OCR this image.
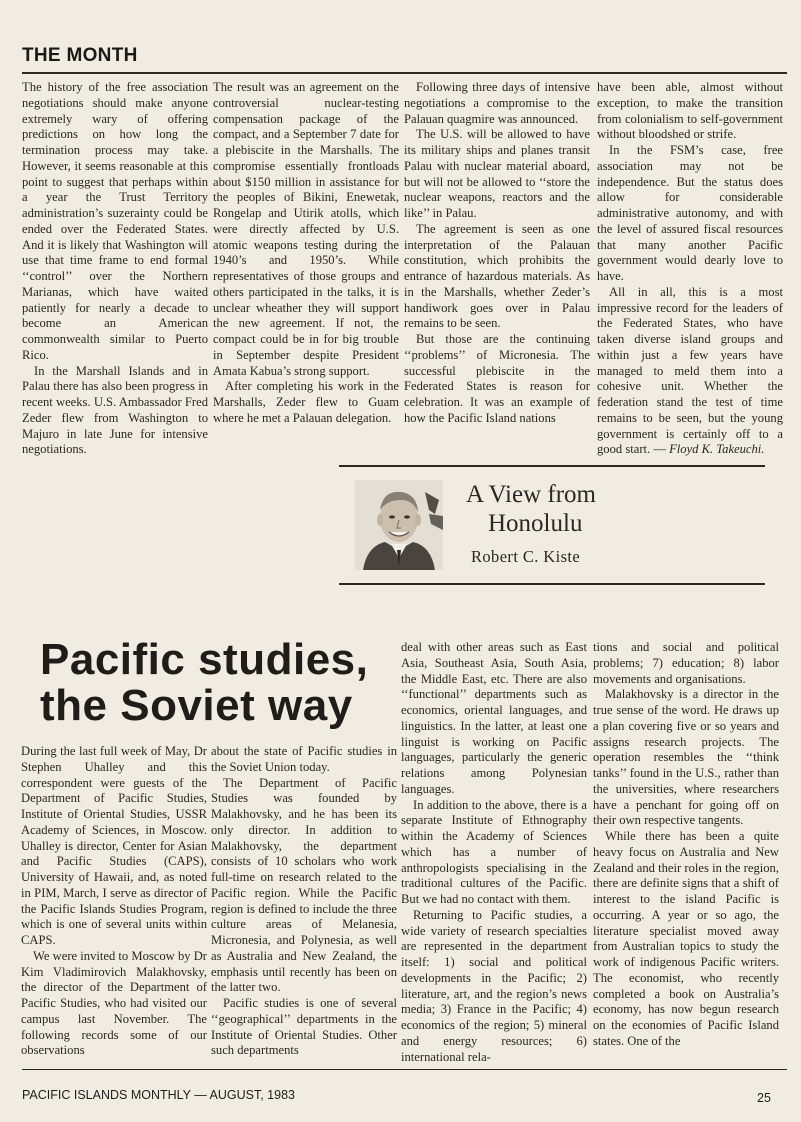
THE MONTH

The history of the free association negotiations should make anyone extremely wary of offering predictions on how long the termination process may take. However, it seems reasonable at this point to suggest that perhaps within a year the Trust Territory administration’s suzerainty could be ended over the Federated States. And it is likely that Washington will use that time frame to end formal ‘‘control’’ over the Northern Marianas, which have waited patiently for nearly a decade to become an American commonwealth similar to Puerto Rico.

In the Marshall Islands and in Palau there has also been progress in recent weeks. U.S. Ambassador Fred Zeder flew from Washington to Majuro in late June for intensive negotiations.

The result was an agreement on the controversial nuclear-testing compensation package of the compact, and a September 7 date for a plebiscite in the Marshalls. The compromise essentially frontloads about $150 million in assistance for the peoples of Bikini, Enewetak, Rongelap and Utirik atolls, which were directly affected by U.S. atomic weapons testing during the 1940’s and 1950’s. While representatives of those groups and others participated in the talks, it is unclear wheather they will support the new agreement. If not, the compact could be in for big trouble in September despite President Amata Kabua’s strong support.

After completing his work in the Marshalls, Zeder flew to Guam where he met a Palauan delegation.

Following three days of intensive negotiations a compromise to the Palauan quagmire was announced.

The U.S. will be allowed to have its military ships and planes transit Palau with nuclear material aboard, but will not be allowed to ‘‘store the nuclear weapons, reactors and the like’’ in Palau.

The agreement is seen as one interpretation of the Palauan constitution, which prohibits the entrance of hazardous materials. As in the Marshalls, whether Zeder’s handiwork goes over in Palau remains to be seen.

But those are the continuing ‘‘problems’’ of Micronesia. The successful plebiscite in the Federated States is reason for celebration. It was an example of how the Pacific Island nations

have been able, almost without exception, to make the transition from colonialism to self-government without bloodshed or strife.

In the FSM’s case, free association may not be independence. But the status does allow for considerable administrative autonomy, and with the level of assured fiscal resources that many another Pacific government would dearly love to have.

All in all, this is a most impressive record for the leaders of the Federated States, who have taken diverse island groups and within just a few years have managed to meld them into a cohesive unit. Whether the federation stand the test of time remains to be seen, but the young government is certainly off to a good start. — Floyd K. Takeuchi.

A View from
Honolulu
Robert C. Kiste
Pacific studies,
the Soviet way

During the last full week of May, Dr Stephen Uhalley and this correspondent were guests of the Department of Pacific Studies, Institute of Oriental Studies, USSR Academy of Sciences, in Moscow. Uhalley is director, Center for Asian and Pacific Studies (CAPS), University of Hawaii, and, as noted in PIM, March, I serve as director of the Pacific Islands Studies Program, which is one of several units within CAPS.

We were invited to Moscow by Dr Kim Vladimirovich Malakhovsky, the director of the Department of Pacific Studies, who had visited our campus last November. The following records some of our observations

about the state of Pacific studies in the Soviet Union today.

The Department of Pacific Studies was founded by Malakhovsky, and he has been its only director. In addition to Malakhovsky, the department consists of 10 scholars who work full-time on research related to the Pacific region. While the Pacific region is defined to include the three culture areas of Melanesia, Micronesia, and Polynesia, as well as Australia and New Zealand, the emphasis until recently has been on the latter two.

Pacific studies is one of several ‘‘geographical’’ departments in the Institute of Oriental Studies. Other such departments

deal with other areas such as East Asia, Southeast Asia, South Asia, the Middle East, etc. There are also ‘‘functional’’ departments such as economics, oriental languages, and linguistics. In the latter, at least one linguist is working on Pacific languages, particularly the generic relations among Polynesian languages.

In addition to the above, there is a separate Institute of Ethnography within the Academy of Sciences which has a number of anthropologists specialising in the traditional cultures of the Pacific. But we had no contact with them.

Returning to Pacific studies, a wide variety of research specialties are represented in the department itself: 1) social and political developments in the Pacific; 2) literature, art, and the region’s news media; 3) France in the Pacific; 4) economics of the region; 5) mineral and energy resources; 6) international rela-

tions and social and political problems; 7) education; 8) labor movements and organisations.

Malakhovsky is a director in the true sense of the word. He draws up a plan covering five or so years and assigns research projects. The operation resembles the ‘‘think tanks’’ found in the U.S., rather than the universities, where researchers have a penchant for going off on their own respective tangents.

While there has been a quite heavy focus on Australia and New Zealand and their roles in the region, there are definite signs that a shift of interest to the island Pacific is occurring. A year or so ago, the literature specialist moved away from Australian topics to study the work of indigenous Pacific writers. The economist, who recently completed a book on Australia’s economy, has now begun research on the economies of Pacific Island states. One of the

PACIFIC ISLANDS MONTHLY — AUGUST, 1983	25
